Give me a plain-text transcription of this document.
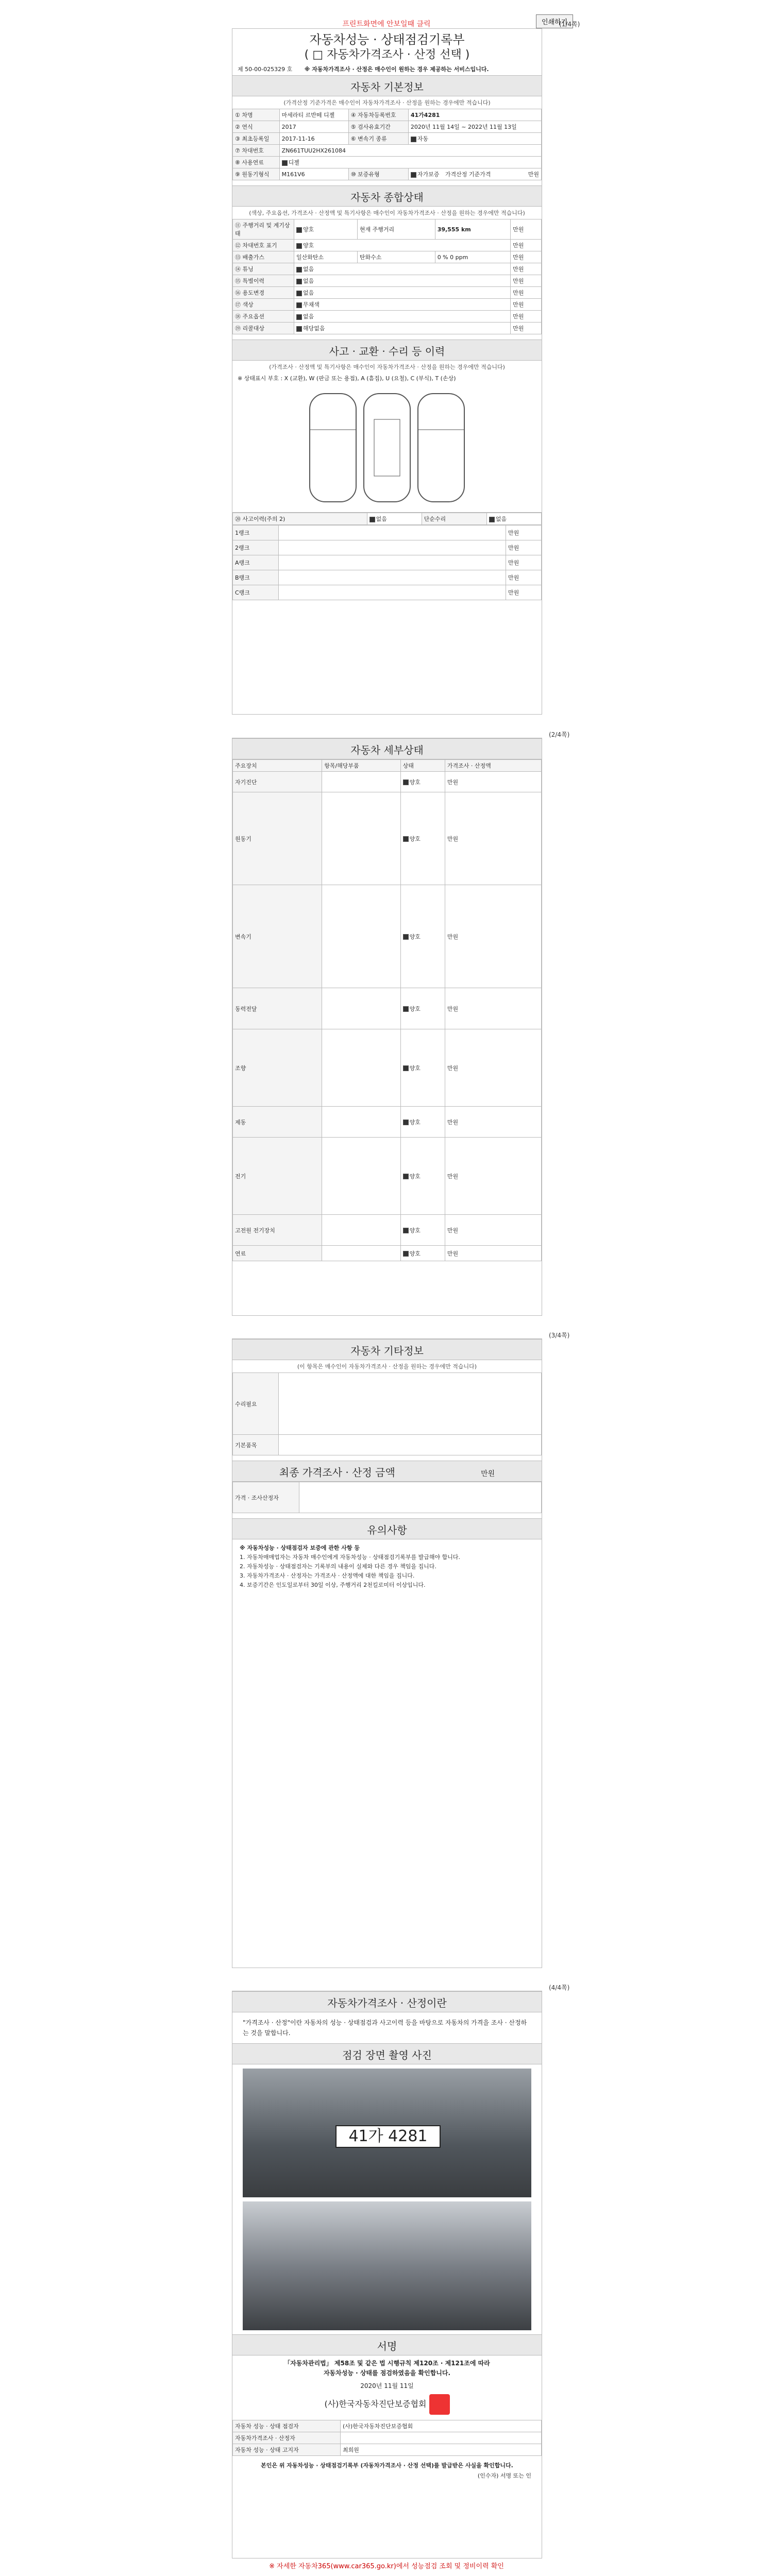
프린트화면에 안보일때 클릭	인쇄하기
(1/4쪽)
자동차성능 · 상태점검기록부
( □ 자동차가격조사 · 산정 선택 )
제 50-00-025329 호 ※ 자동차가격조사 · 산정은 매수인이 원하는 경우 제공하는 서비스입니다.
자동차 기본정보
(가격산정 기준가격은 매수인이 자동차가격조사 · 산정을 원하는 경우에만 적습니다)
① 차명	마세라티 르반떼 디젤	④ 자동차등록번호	41가4281
② 연식	2017	⑤ 검사유효기간	2020년 11월 14일 ~ 2022년 11월 13일
③ 최초등록일	2017-11-16	⑥ 변속기 종류	자동
⑦ 차대번호	ZN661TUU2HX261084		
⑧ 사용연료	디젤		
⑨ 원동기형식	M161V6	⑩ 보증유형	자가보증 가격산정 기준가격 만원
자동차 종합상태
(색상, 주요옵션, 가격조사 · 산정액 및 특기사항은 매수인이 자동차가격조사 · 산정을 원하는 경우에만 적습니다)
⑪ 주행거리 및 계기상태	양호	현재 주행거리	39,555 km	만원
⑫ 차대번호 표기	양호			만원
⑬ 배출가스	일산화탄소	탄화수소	0 % 0 ppm	만원
⑭ 튜닝	없음			만원
⑮ 특별이력	없음			만원
⑯ 용도변경	없음			만원
⑰ 색상	무채색			만원
⑱ 주요옵션	없음			만원
⑲ 리콜대상	해당없음			만원
사고 · 교환 · 수리 등 이력
(가격조사 · 산정액 및 특기사항은 매수인이 자동차가격조사 · 산정을 원하는 경우에만 적습니다)
※ 상태표시 부호 : X (교환), W (판금 또는 용접), A (흠집), U (요철), C (부식), T (손상)
⑳ 사고이력(주의 2)	없음	단순수리	없음
1랭크		만원
2랭크		만원
A랭크		만원
B랭크		만원
C랭크		만원
(2/4쪽)
자동차 세부상태
주요장치	항목/해당부품	상태	가격조사 · 산정액
자기진단		양호	만원
원동기		양호	만원
변속기		양호	만원
동력전달		양호	만원
조향		양호	만원
제동		양호	만원
전기		양호	만원
고전원 전기장치		양호	만원
연료		양호	만원
(3/4쪽)
자동차 기타정보
(이 항목은 매수인이 자동차가격조사 · 산정을 원하는 경우에만 적습니다)
수리필요	
기본품목	
최종 가격조사 · 산정 금액	만원
가격 · 조사산정자	
유의사항
※ 자동차성능 · 상태점검자 보증에 관한 사항 등
1. 자동차매매업자는 자동차 매수인에게 자동차성능 · 상태점검기록부를 발급해야 합니다.
2. 자동차성능 · 상태점검자는 기록부의 내용이 실제와 다른 경우 책임을 집니다.
3. 자동차가격조사 · 산정자는 가격조사 · 산정액에 대한 책임을 집니다.
4. 보증기간은 인도일로부터 30일 이상, 주행거리 2천킬로미터 이상입니다.
(4/4쪽)
자동차가격조사 · 산정이란
"가격조사 · 산정"이란 자동차의 성능 · 상태점검과 사고이력 등을 바탕으로 자동차의 가격을 조사 · 산정하는 것을 말합니다.
점검 장면 촬영 사진
41가 4281
서명
「자동차관리법」 제58조 및 같은 법 시행규칙 제120조 · 제121조에 따라
자동차성능 · 상태를 점검하였음을 확인합니다.
2020년 11월 11일
(사)한국자동차진단보증협회
자동차 성능 · 상태 점검자	(사)한국자동차진단보증협회
자동차가격조사 · 산정자	
자동차 성능 · 상태 고지자	최희원
본인은 위 자동차성능 · 상태점검기록부 (자동차가격조사 · 산정 선택)를 발급받은 사실을 확인합니다.
(인수자) 서명 또는 인
※ 자세한 자동차365(www.car365.go.kr)에서 성능점검 조회 및 정비이력 확인
